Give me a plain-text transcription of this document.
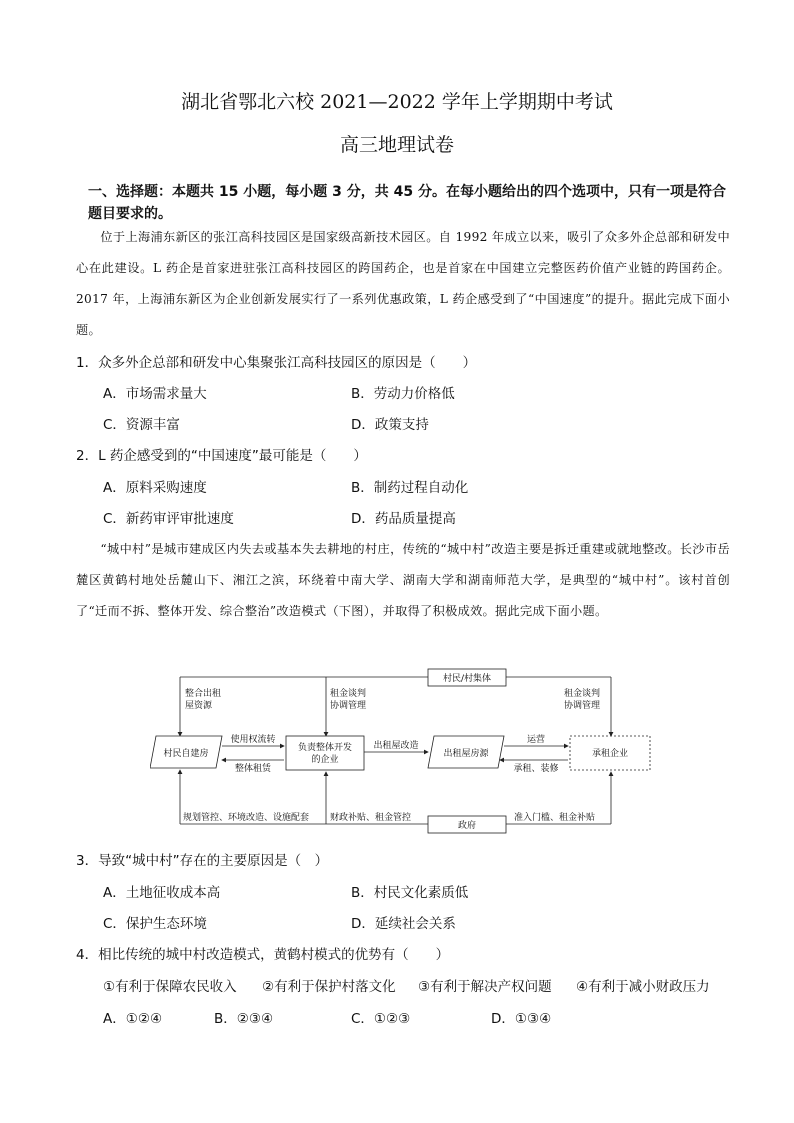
湖北省鄂北六校 2021—2022 学年上学期期中考试
高三地理试卷
一、选择题：本题共 15 小题，每小题 3 分，共 45 分。在每小题给出的四个选项中，只有一项是符合题目要求的。

位于上海浦东新区的张江高科技园区是国家级高新技术园区。自 1992 年成立以来，吸引了众多外企总部和研发中心在此建设。L 药企是首家进驻张江高科技园区的跨国药企，也是首家在中国建立完整医药价值产业链的跨国药企。2017 年，上海浦东新区为企业创新发展实行了一系列优惠政策，L 药企感受到了“中国速度”的提升。据此完成下面小题。

1．众多外企总部和研发中心集聚张江高科技园区的原因是（　　）
A．市场需求量大	B．劳动力价格低
C．资源丰富	D．政策支持
2．L 药企感受到的“中国速度”最可能是（　　）
A．原料采购速度	B．制药过程自动化
C．新药审评审批速度	D．药品质量提高

“城中村”是城市建成区内失去或基本失去耕地的村庄，传统的“城中村”改造主要是拆迁重建或就地整改。长沙市岳麓区黄鹤村地处岳麓山下、湘江之滨，环绕着中南大学、湖南大学和湖南师范大学，是典型的“城中村”。该村首创了“迁而不拆、整体开发、综合整治”改造模式（下图），并取得了积极成效。据此完成下面小题。

村民/村集体
整合出租
屋资源
租金谈判
协调管理
租金谈判
协调管理
村民自建房
负责整体开发
的企业
出租屋房源	承租企业
使用权流转
整体租赁
出租屋改造
运营
承租、装修
政府
规划管控、环境改造、设施配套 财政补贴、租金管控	准入门槛、租金补贴
3．导致“城中村”存在的主要原因是（　）
A．土地征收成本高	B．村民文化素质低
C．保护生态环境	D．延续社会关系
4．相比传统的城中村改造模式，黄鹤村模式的优势有（　　）
①有利于保障农民收入 ②有利于保护村落文化 ③有利于解决产权问题 ④有利于减小财政压力
A．①②④	B．②③④	C．①②③	D．①③④
